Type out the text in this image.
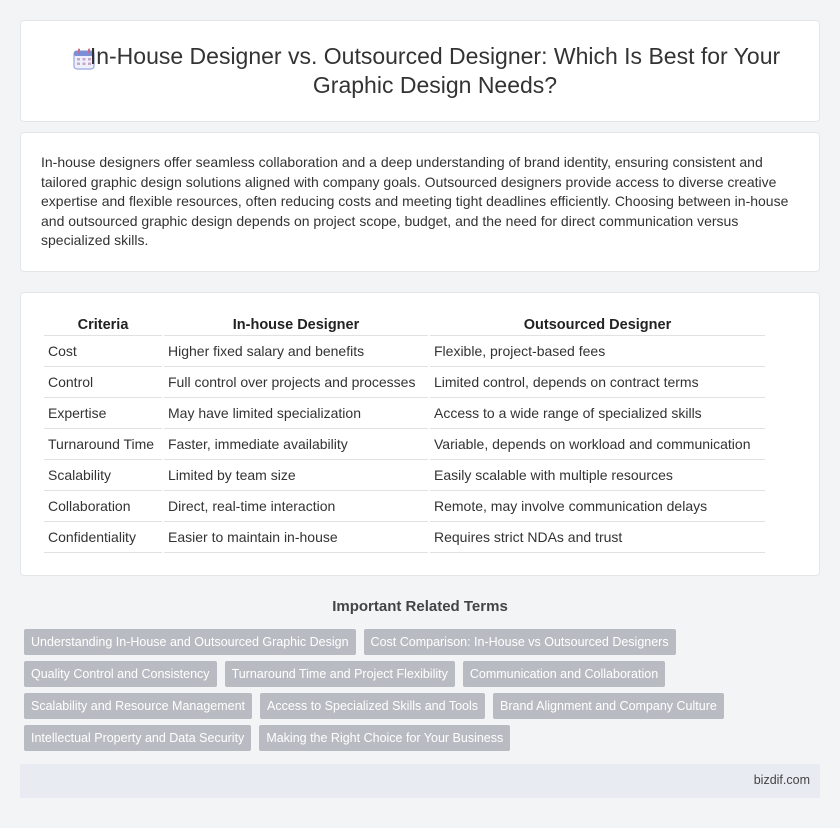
In-House Designer vs. Outsourced Designer: Which Is Best for Your Graphic Design Needs?

In-house designers offer seamless collaboration and a deep understanding of brand identity, ensuring consistent and tailored graphic design solutions aligned with company goals. Outsourced designers provide access to diverse creative expertise and flexible resources, often reducing costs and meeting tight deadlines efficiently. Choosing between in-house and outsourced graphic design depends on project scope, budget, and the need for direct communication versus specialized skills.

Criteria	In-house Designer	Outsourced Designer
Cost	Higher fixed salary and benefits	Flexible, project-based fees
Control	Full control over projects and processes	Limited control, depends on contract terms
Expertise	May have limited specialization	Access to a wide range of specialized skills
Turnaround Time	Faster, immediate availability	Variable, depends on workload and communication
Scalability	Limited by team size	Easily scalable with multiple resources
Collaboration	Direct, real-time interaction	Remote, may involve communication delays
Confidentiality	Easier to maintain in-house	Requires strict NDAs and trust
Important Related Terms
Understanding In-House and Outsourced Graphic Design	Cost Comparison: In-House vs Outsourced Designers
Quality Control and Consistency	Turnaround Time and Project Flexibility	Communication and Collaboration
Scalability and Resource Management	Access to Specialized Skills and Tools	Brand Alignment and Company Culture
Intellectual Property and Data Security	Making the Right Choice for Your Business
bizdif.com
